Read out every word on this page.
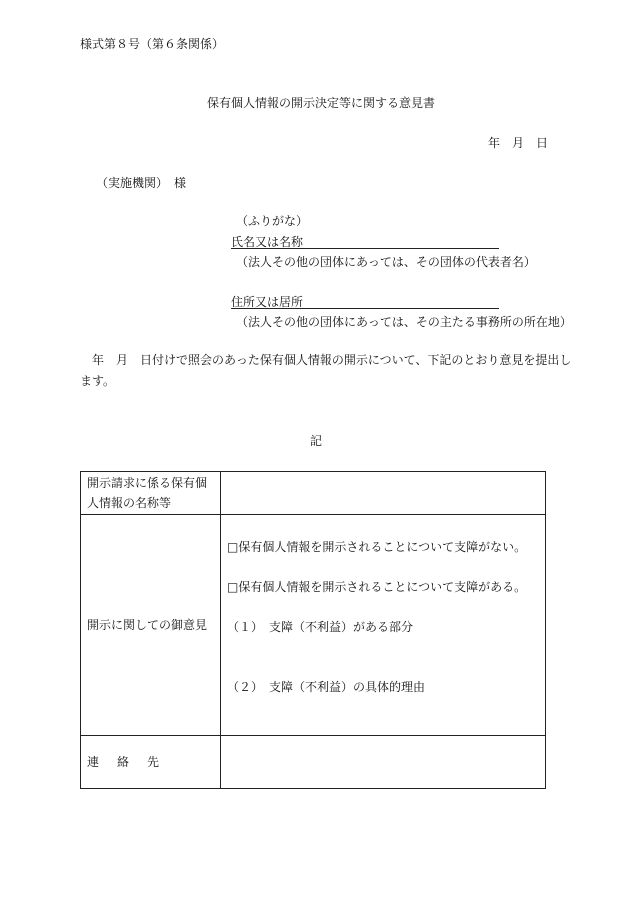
様式第８号（第６条関係）
保有個人情報の開示決定等に関する意見書
年　月　日
（実施機関）　様
（ふりがな）
氏名又は名称
（法人その他の団体にあっては、その団体の代表者名）
住所又は居所
（法人その他の団体にあっては、その主たる事務所の所在地）
年　月　日付けで照会のあった保有個人情報の開示について、下記のとおり意見を提出し
ます。
記
開示請求に係る保有個
人情報の名称等	

開示に関しての御意見	□保有個人情報を開示されることについて支障がない。
□保有個人情報を開示されることについて支障がある。
（１）　支障（不利益）がある部分
（２）　支障（不利益）の具体的理由

連絡先	
